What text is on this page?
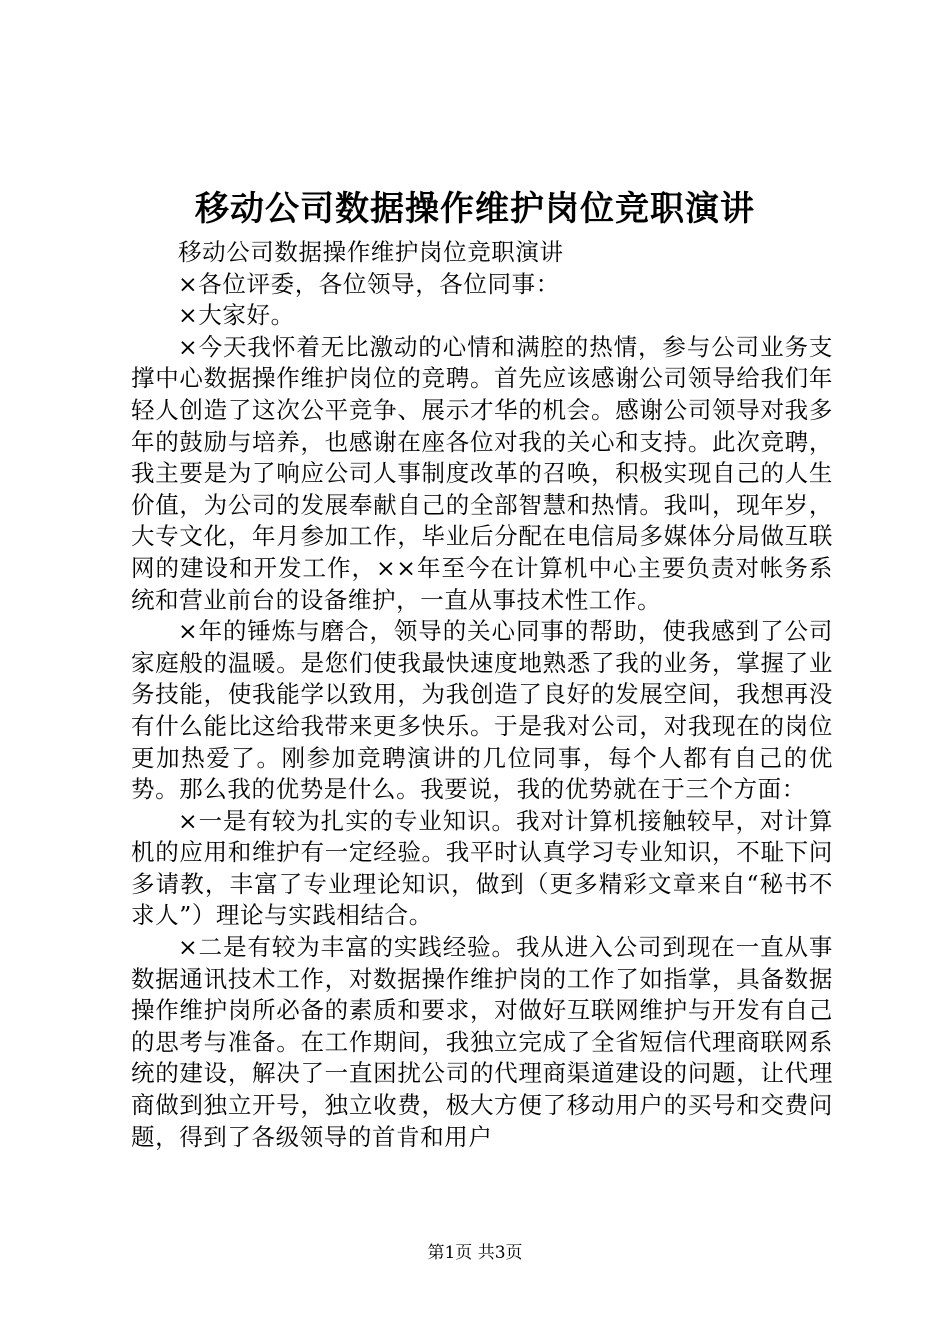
移动公司数据操作维护岗位竞职演讲

移动公司数据操作维护岗位竞职演讲

×各位评委，各位领导，各位同事：

×大家好。

×今天我怀着无比激动的心情和满腔的热情，参与公司业务支撑中心数据操作维护岗位的竞聘。首先应该感谢公司领导给我们年轻人创造了这次公平竞争、展示才华的机会。感谢公司领导对我多年的鼓励与培养，也感谢在座各位对我的关心和支持。此次竞聘，我主要是为了响应公司人事制度改革的召唤，积极实现自己的人生价值，为公司的发展奉献自己的全部智慧和热情。我叫，现年岁，大专文化，年月参加工作，毕业后分配在电信局多媒体分局做互联网的建设和开发工作，××年至今在计算机中心主要负责对帐务系统和营业前台的设备维护，一直从事技术性工作。

×年的锤炼与磨合，领导的关心同事的帮助，使我感到了公司家庭般的温暖。是您们使我最快速度地熟悉了我的业务，掌握了业务技能，使我能学以致用，为我创造了良好的发展空间，我想再没有什么能比这给我带来更多快乐。于是我对公司，对我现在的岗位更加热爱了。刚参加竞聘演讲的几位同事，每个人都有自己的优势。那么我的优势是什么。我要说，我的优势就在于三个方面：

×一是有较为扎实的专业知识。我对计算机接触较早，对计算机的应用和维护有一定经验。我平时认真学习专业知识，不耻下问多请教，丰富了专业理论知识，做到（更多精彩文章来自“秘书不求人”）理论与实践相结合。

×二是有较为丰富的实践经验。我从进入公司到现在一直从事数据通讯技术工作，对数据操作维护岗的工作了如指掌，具备数据操作维护岗所必备的素质和要求，对做好互联网维护与开发有自己的思考与准备。在工作期间，我独立完成了全省短信代理商联网系统的建设，解决了一直困扰公司的代理商渠道建设的问题，让代理商做到独立开号，独立收费，极大方便了移动用户的买号和交费问题，得到了各级领导的首肯和用户

第1页 共3页
